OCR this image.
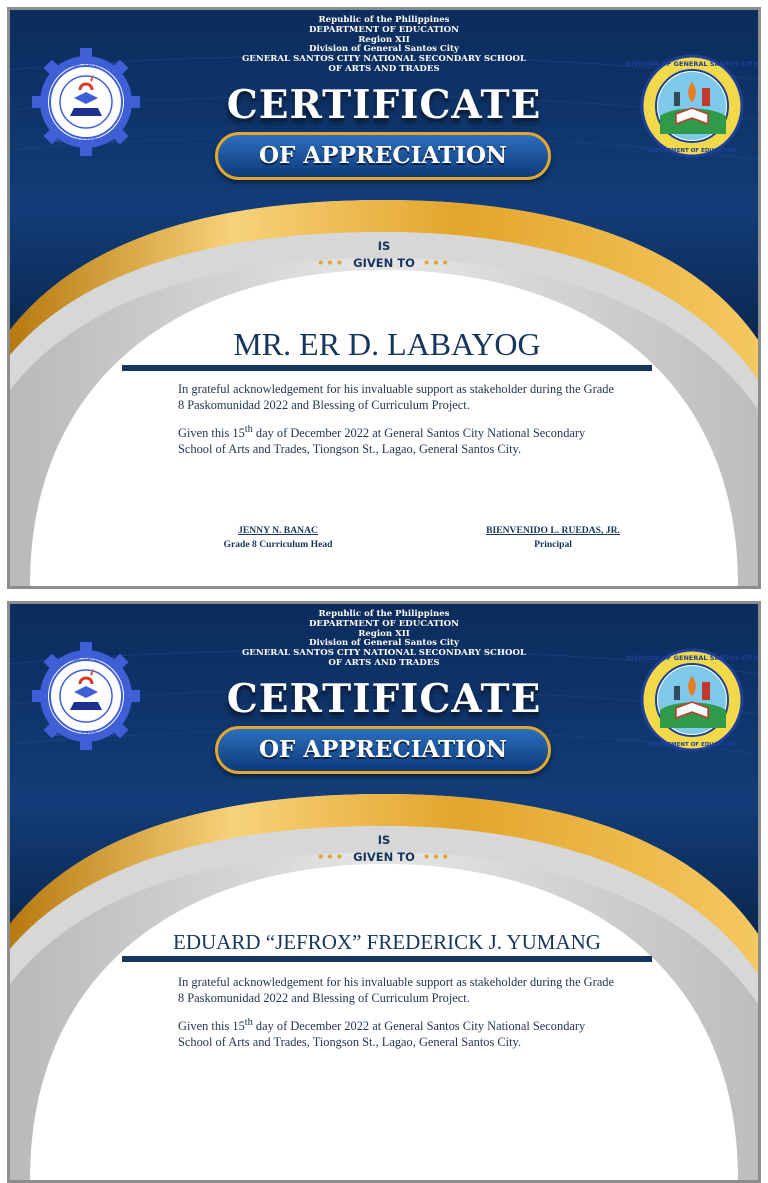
Republic of the Philippines
DEPARTMENT OF EDUCATION
Region XII
Division of General Santos City
GENERAL SANTOS CITY NATIONAL SECONDARY SCHOOL
OF ARTS AND TRADES
NATIONAL SECONDARY
GENERAL SANTOS CITY
DIVISION OF GENERAL SANTOS CITY
DEPARTMENT OF EDUCATION
CERTIFICATE
OF APPRECIATION
IS
••• GIVEN TO •••
MR. ER D. LABAYOG

In grateful acknowledgement for his invaluable support as stakeholder during the Grade 8 Paskomunidad 2022 and Blessing of Curriculum Project.

Given this 15th day of December 2022 at General Santos City National Secondary School of Arts and Trades, Tiongson St., Lagao, General Santos City.

JENNY N. BANAC
Grade 8 Curriculum Head
BIENVENIDO L. RUEDAS, JR.
Principal
Republic of the Philippines
DEPARTMENT OF EDUCATION
Region XII
Division of General Santos City
GENERAL SANTOS CITY NATIONAL SECONDARY SCHOOL
OF ARTS AND TRADES
NATIONAL SECONDARY
GENERAL SANTOS CITY
DIVISION OF GENERAL SANTOS CITY
DEPARTMENT OF EDUCATION
CERTIFICATE
OF APPRECIATION
IS
••• GIVEN TO •••
EDUARD “JEFROX” FREDERICK J. YUMANG

In grateful acknowledgement for his invaluable support as stakeholder during the Grade 8 Paskomunidad 2022 and Blessing of Curriculum Project.

Given this 15th day of December 2022 at General Santos City National Secondary School of Arts and Trades, Tiongson St., Lagao, General Santos City.
